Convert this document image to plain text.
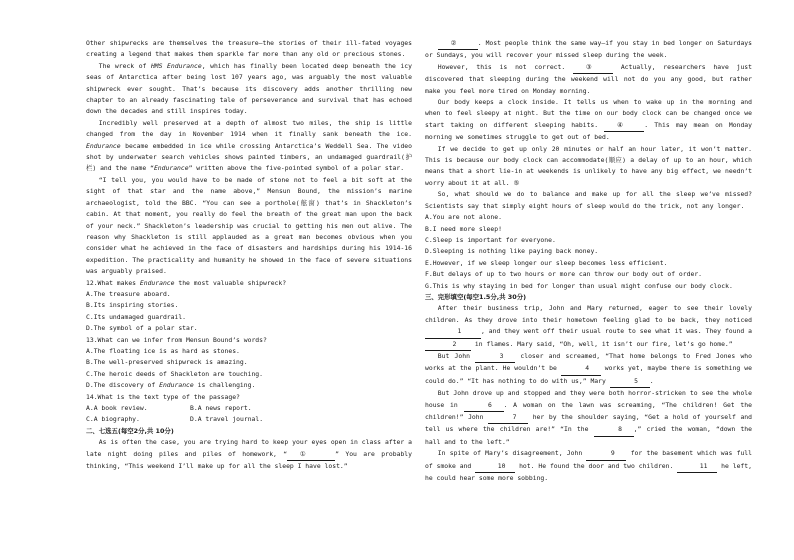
Other shipwrecks are themselves the treasure—the stories of their ill-fated voyages creating a legend that makes them sparkle far more than any old or precious stones.

The wreck of HMS Endurance, which has finally been located deep beneath the icy seas of Antarctica after being lost 107 years ago, was arguably the most valuable shipwreck ever sought. That’s because its discovery adds another thrilling new chapter to an already fascinating tale of perseverance and survival that has echoed down the decades and still inspires today.

Incredibly well preserved at a depth of almost two miles, the ship is little changed from the day in November 1914 when it finally sank beneath the ice. Endurance became embedded in ice while crossing Antarctica’s Weddell Sea. The video shot by underwater search vehicles shows painted timbers, an undamaged guardrail(护栏) and the name “Endurance” written above the five-pointed symbol of a polar star.

“I tell you, you would have to be made of stone not to feel a bit soft at the sight of that star and the name above,” Mensun Bound, the mission’s marine archaeologist, told the BBC. “You can see a porthole(舷窗) that’s in Shackleton’s cabin. At that moment, you really do feel the breath of the great man upon the back of your neck.” Shackleton’s leadership was crucial to getting his men out alive. The reason why Shackleton is still applauded as a great man becomes obvious when you consider what he achieved in the face of disasters and hardships during his 1914-16 expedition. The practicality and humanity he showed in the face of severe situations was arguably praised.

12.What makes Endurance the most valuable shipwreck?

A.The treasure aboard.

B.Its inspiring stories.

C.Its undamaged guardrail.

D.The symbol of a polar star.

13.What can we infer from Mensun Bound’s words?

A.The floating ice is as hard as stones.

B.The well-preserved shipwreck is amazing.

C.The heroic deeds of Shackleton are touching.

D.The discovery of Endurance is challenging.

14.What is the text type of the passage?

A.A book review.	B.A news report.

C.A biography.	D.A travel journal.

二、七选五(每空2分,共 10分)

As is often the case, you are trying hard to keep your eyes open in class after a late night doing piles and piles of homework, “ ①	” You are probably thinking, “This weekend I’ll make up for all the sleep I have lost.”

②	. Most people think the same way—if you stay in bed longer on Saturdays or Sundays, you will recover your missed sleep during the week.

However, this is not correct. ③	Actually, researchers have just discovered that sleeping during the weekend will not do you any good, but rather make you feel more tired on Monday morning.

Our body keeps a clock inside. It tells us when to wake up in the morning and when to feel sleepy at night. But the time on our body clock can be changed once we start taking on different sleeping habits. ④	. This may mean on Monday morning we sometimes struggle to get out of bed.

If we decide to get up only 20 minutes or half an hour later, it won’t matter. This is because our body clock can accommodate(顺应) a delay of up to an hour, which means that a short lie-in at weekends is unlikely to have any big effect, we needn’t worry about it at all. ⑤

So, what should we do to balance and make up for all the sleep we’ve missed? Scientists say that simply eight hours of sleep would do the trick, not any longer.

A.You are not alone.

B.I need more sleep!

C.Sleep is important for everyone.

D.Sleeping is nothing like paying back money.

E.However, if we sleep longer our sleep becomes less efficient.

F.But delays of up to two hours or more can throw our body out of order.

G.This is why staying in bed for longer than usual might confuse our body clock.

三、完形填空(每空1.5分,共 30分)

After their business trip, John and Mary returned, eager to see their lovely children. As they drove into their hometown feeling glad to be back, they noticed 1	, and they went off their usual route to see what it was. They found a 2 in flames. Mary said, “Oh, well, it isn’t our fire, let’s go home.”

But John	3 closer and screamed, “That home belongs to Fred Jones who works at the plant. He wouldn’t be	4 works yet, maybe there is something we could do.” “It has nothing to do with us,” Mary	5 .

But John drove up and stopped and they were both horror-stricken to see the whole house in	6 . A woman on the lawn was screaming, “The children! Get the children!” John	7 her by the shoulder saying, “Get a hold of yourself and tell us where the children are!” “In the	8 ,” cried the woman, “down the hall and to the left.”

In spite of Mary’s disagreement, John	9 for the basement which was full of smoke and	10 hot. He found the door and two children.	11 he left, he could hear some more sobbing.
